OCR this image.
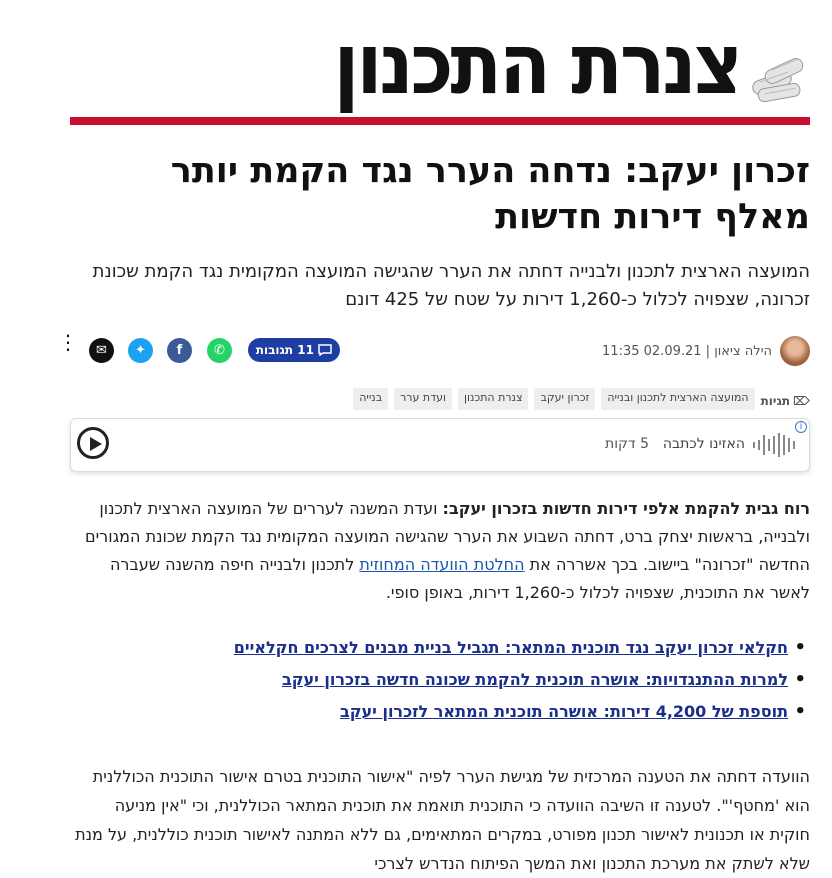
צנרת התכנון
זכרון יעקב: נדחה הערר נגד הקמת יותר מאלף דירות חדשות

המועצה הארצית לתכנון ולבנייה דחתה את הערר שהגישה המועצה המקומית נגד הקמת שכונת זכרונה, שצפויה לכלול כ-1,260 דירות על שטח של 425 דונם

הילה ציאון | 02.09.21 11:35
11 תגובות
✆
f
✦
✉
⋮
⌦
תגיות
המועצה הארצית לתכנון ובנייה
זכרון יעקב
צנרת התכנון
ועדת ערר
בנייה
i
האזינו לכתבה
5 דקות

רוח גבית להקמת אלפי דירות חדשות בזכרון יעקב: ועדת המשנה לעררים של המועצה הארצית לתכנון ולבנייה, בראשות יצחק ברט, דחתה השבוע את הערר שהגישה המועצה המקומית נגד הקמת שכונת המגורים החדשה "זכרונה" ביישוב. בכך אשררה את החלטת הוועדה המחוזית לתכנון ולבנייה חיפה מהשנה שעברה לאשר את התוכנית, שצפויה לכלול כ-1,260 דירות, באופן סופי.

• חקלאי זכרון יעקב נגד תוכנית המתאר: תגביל בניית מבנים לצרכים חקלאיים
• למרות ההתנגדויות: אושרה תוכנית להקמת שכונה חדשה בזכרון יעקב
• תוספת של 4,200 דירות: אושרה תוכנית המתאר לזכרון יעקב

הוועדה דחתה את הטענה המרכזית של מגישת הערר לפיה "אישור התוכנית בטרם אישור התוכנית הכוללנית הוא 'מחטף'". לטענה זו השיבה הוועדה כי התוכנית תואמת את תוכנית המתאר הכוללנית, וכי "אין מניעה חוקית או תכנונית לאישור תכנון מפורט, במקרים המתאימים, גם ללא המתנה לאישור תוכנית כוללנית, על מנת שלא לשתק את מערכת התכנון ואת המשך הפיתוח הנדרש לצרכי
